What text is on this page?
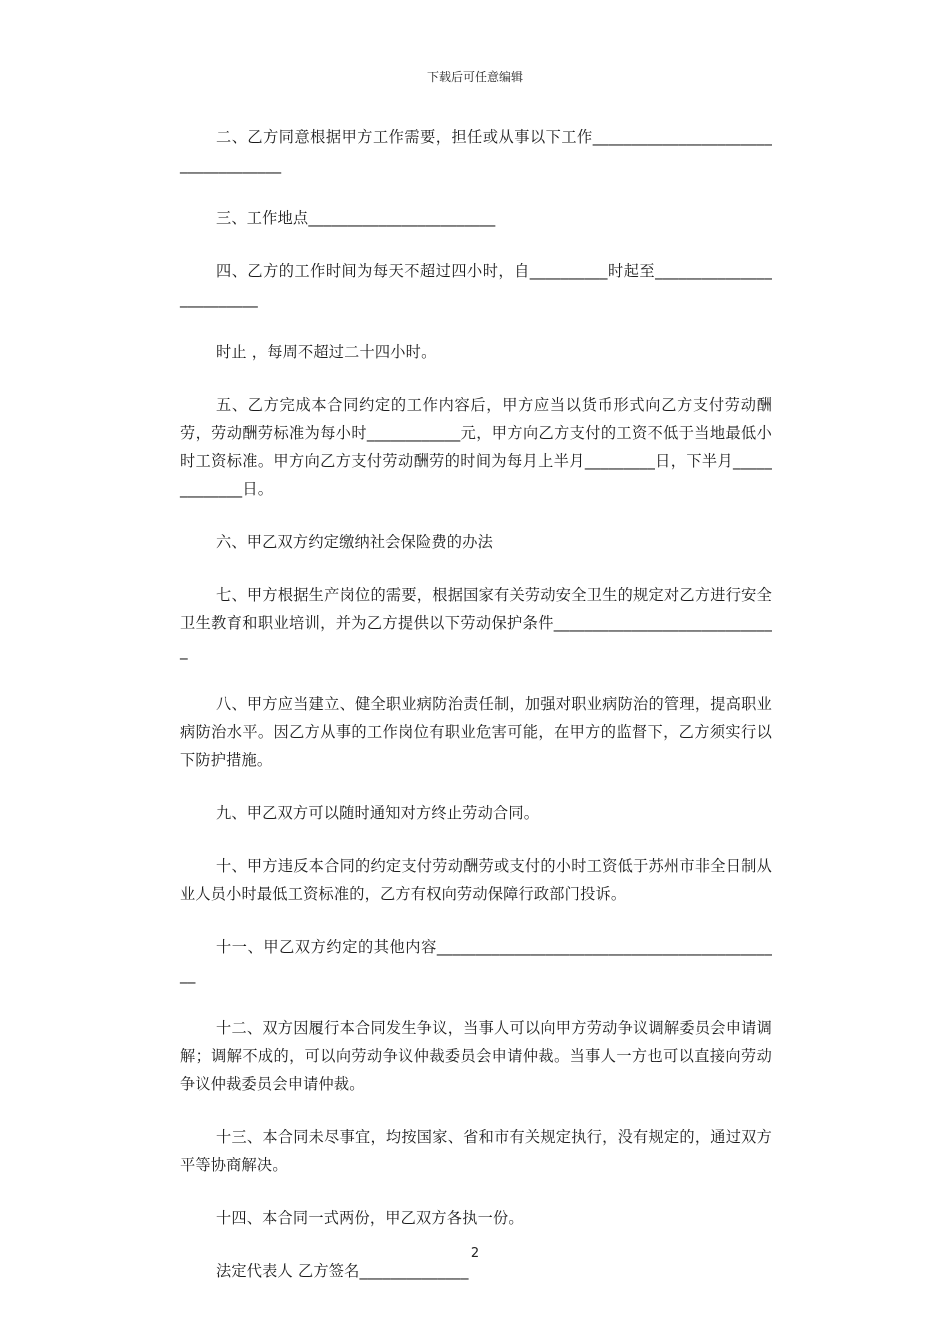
下载后可任意编辑

二、乙方同意根据甲方工作需要，担任或从事以下工作____________________________________

三、工作地点________________________

四、乙方的工作时间为每天不超过四小时，自__________时起至_________________________

时止 ，每周不超过二十四小时。

五、乙方完成本合同约定的工作内容后，甲方应当以货币形式向乙方支付劳动酬劳，劳动酬劳标准为每小时____________元，甲方向乙方支付的工资不低于当地最低小时工资标准。甲方向乙方支付劳动酬劳的时间为每月上半月_________日，下半月_____________日。

六、甲乙双方约定缴纳社会保险费的办法

七、甲方根据生产岗位的需要，根据国家有关劳动安全卫生的规定对乙方进行安全卫生教育和职业培训，并为乙方提供以下劳动保护条件_____________________________

八、甲方应当建立、健全职业病防治责任制，加强对职业病防治的管理，提高职业病防治水平。因乙方从事的工作岗位有职业危害可能，在甲方的监督下，乙方须实行以下防护措施。

九、甲乙双方可以随时通知对方终止劳动合同。

十、甲方违反本合同的约定支付劳动酬劳或支付的小时工资低于苏州市非全日制从业人员小时最低工资标准的，乙方有权向劳动保障行政部门投诉。

十一、甲乙双方约定的其他内容_____________________________________________

十二、双方因履行本合同发生争议，当事人可以向甲方劳动争议调解委员会申请调解；调解不成的，可以向劳动争议仲裁委员会申请仲裁。当事人一方也可以直接向劳动争议仲裁委员会申请仲裁。

十三、本合同未尽事宜，均按国家、省和市有关规定执行，没有规定的，通过双方平等协商解决。

十四、本合同一式两份，甲乙双方各执一份。

法定代表人 乙方签名______________

2
